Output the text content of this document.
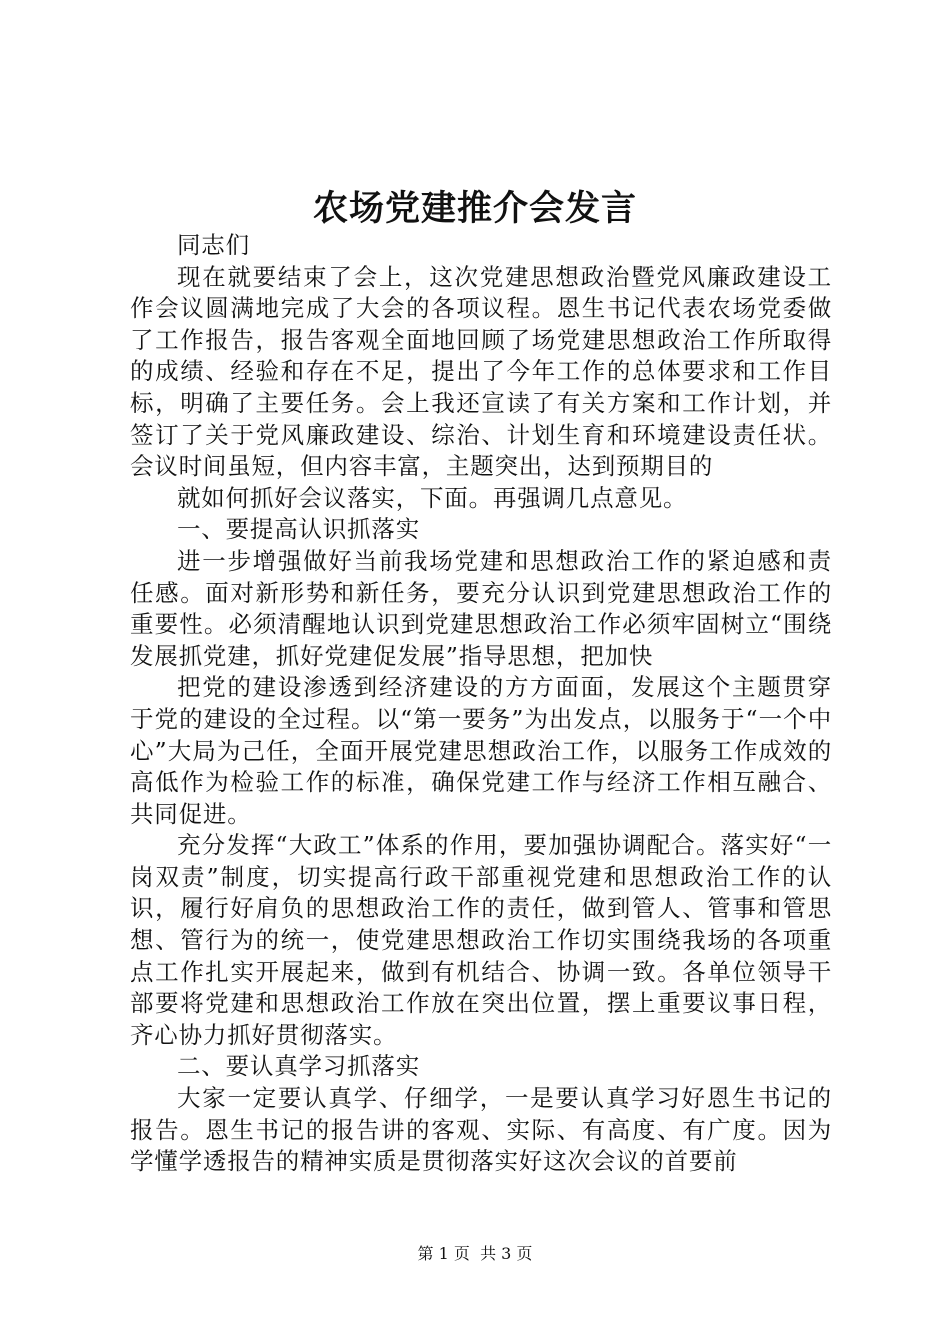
农场党建推介会发言

同志们

现在就要结束了会上，这次党建思想政治暨党风廉政建设工作会议圆满地完成了大会的各项议程。恩生书记代表农场党委做了工作报告，报告客观全面地回顾了场党建思想政治工作所取得的成绩、经验和存在不足，提出了今年工作的总体要求和工作目标，明确了主要任务。会上我还宣读了有关方案和工作计划，并签订了关于党风廉政建设、综治、计划生育和环境建设责任状。会议时间虽短，但内容丰富，主题突出，达到预期目的

就如何抓好会议落实，下面。再强调几点意见。

一、要提高认识抓落实

进一步增强做好当前我场党建和思想政治工作的紧迫感和责任感。面对新形势和新任务，要充分认识到党建思想政治工作的重要性。必须清醒地认识到党建思想政治工作必须牢固树立“围绕发展抓党建，抓好党建促发展”指导思想，把加快

把党的建设渗透到经济建设的方方面面，发展这个主题贯穿于党的建设的全过程。以“第一要务”为出发点，以服务于“一个中心”大局为己任，全面开展党建思想政治工作，以服务工作成效的高低作为检验工作的标准，确保党建工作与经济工作相互融合、共同促进。

充分发挥“大政工”体系的作用，要加强协调配合。落实好“一岗双责”制度，切实提高行政干部重视党建和思想政治工作的认识，履行好肩负的思想政治工作的责任，做到管人、管事和管思想、管行为的统一，使党建思想政治工作切实围绕我场的各项重点工作扎实开展起来，做到有机结合、协调一致。各单位领导干部要将党建和思想政治工作放在突出位置，摆上重要议事日程，齐心协力抓好贯彻落实。

二、要认真学习抓落实

大家一定要认真学、仔细学，一是要认真学习好恩生书记的报告。恩生书记的报告讲的客观、实际、有高度、有广度。因为学懂学透报告的精神实质是贯彻落实好这次会议的首要前

第 1 页  共 3 页
